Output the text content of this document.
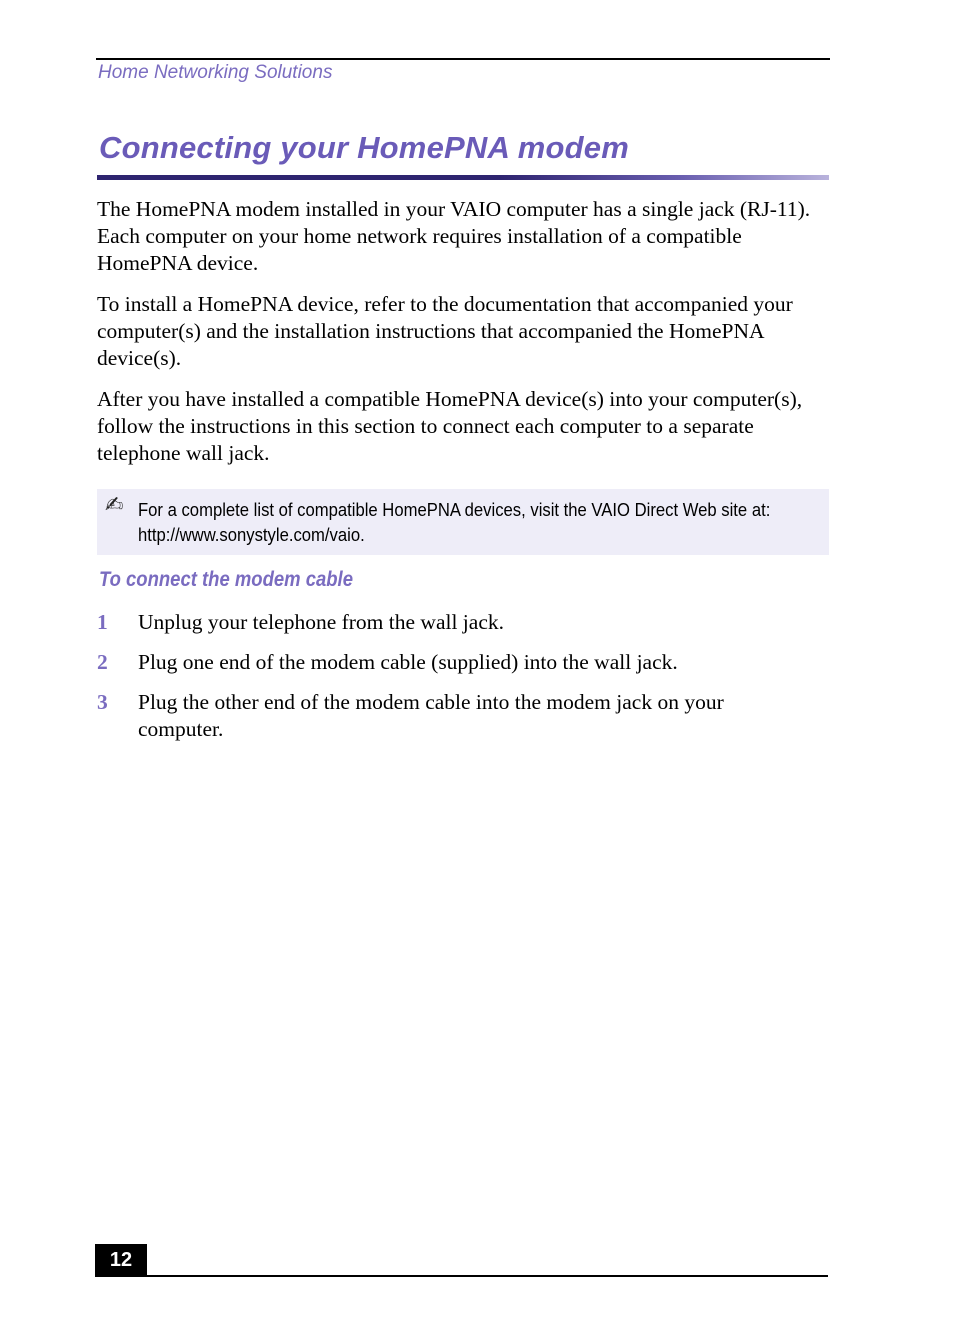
Home Networking Solutions
Connecting your HomePNA modem

The HomePNA modem installed in your VAIO computer has a single jack (RJ-11). Each computer on your home network requires installation of a compatible HomePNA device.

To install a HomePNA device, refer to the documentation that accompanied your computer(s) and the installation instructions that accompanied the HomePNA device(s).

After you have installed a compatible HomePNA device(s) into your computer(s), follow the instructions in this section to connect each computer to a separate telephone wall jack.

✍ For a complete list of compatible HomePNA devices, visit the VAIO Direct Web site at:
http://www.sonystyle.com/vaio.
To connect the modem cable
1 Unplug your telephone from the wall jack.
2 Plug one end of the modem cable (supplied) into the wall jack.
3 Plug the other end of the modem cable into the modem jack on your computer.
12
